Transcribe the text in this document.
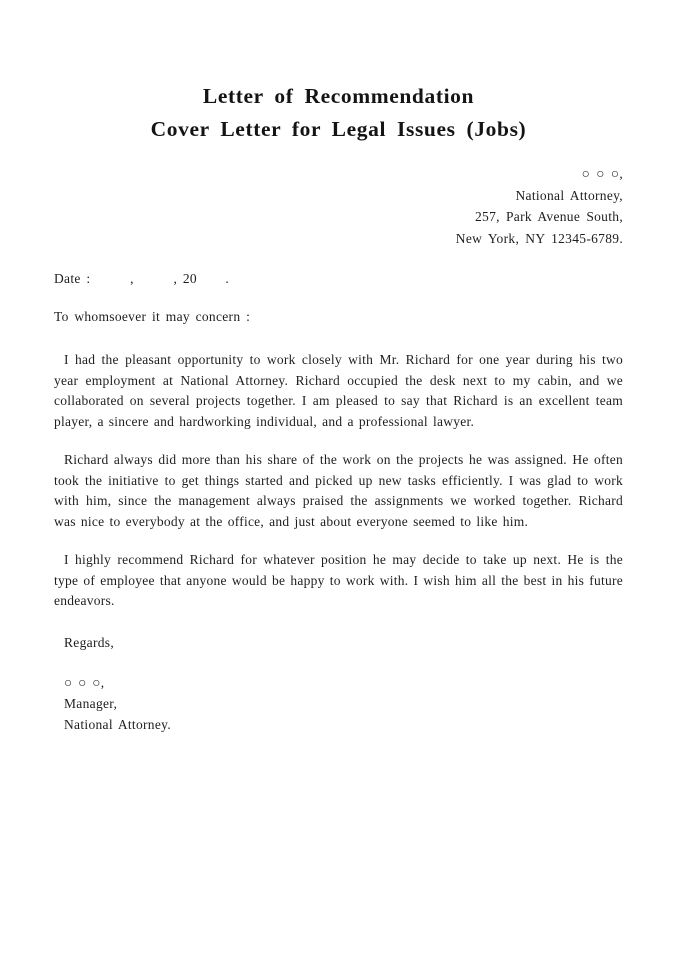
Letter of Recommendation
Cover Letter for Legal Issues (Jobs)
○ ○ ○,
National Attorney,
257, Park Avenue South,
New York, NY 12345-6789.
Date :       ,       , 20     .
To whomsoever it may concern :

I had the pleasant opportunity to work closely with Mr. Richard for one year during his two year employment at National Attorney. Richard occupied the desk next to my cabin, and we collaborated on several projects together. I am pleased to say that Richard is an excellent team player, a sincere and hardworking individual, and a professional lawyer.

Richard always did more than his share of the work on the projects he was assigned. He often took the initiative to get things started and picked up new tasks efficiently. I was glad to work with him, since the management always praised the assignments we worked together. Richard was nice to everybody at the office, and just about everyone seemed to like him.

I highly recommend Richard for whatever position he may decide to take up next. He is the type of employee that anyone would be happy to work with. I wish him all the best in his future endeavors.

Regards,
○ ○ ○,
Manager,
National Attorney.
